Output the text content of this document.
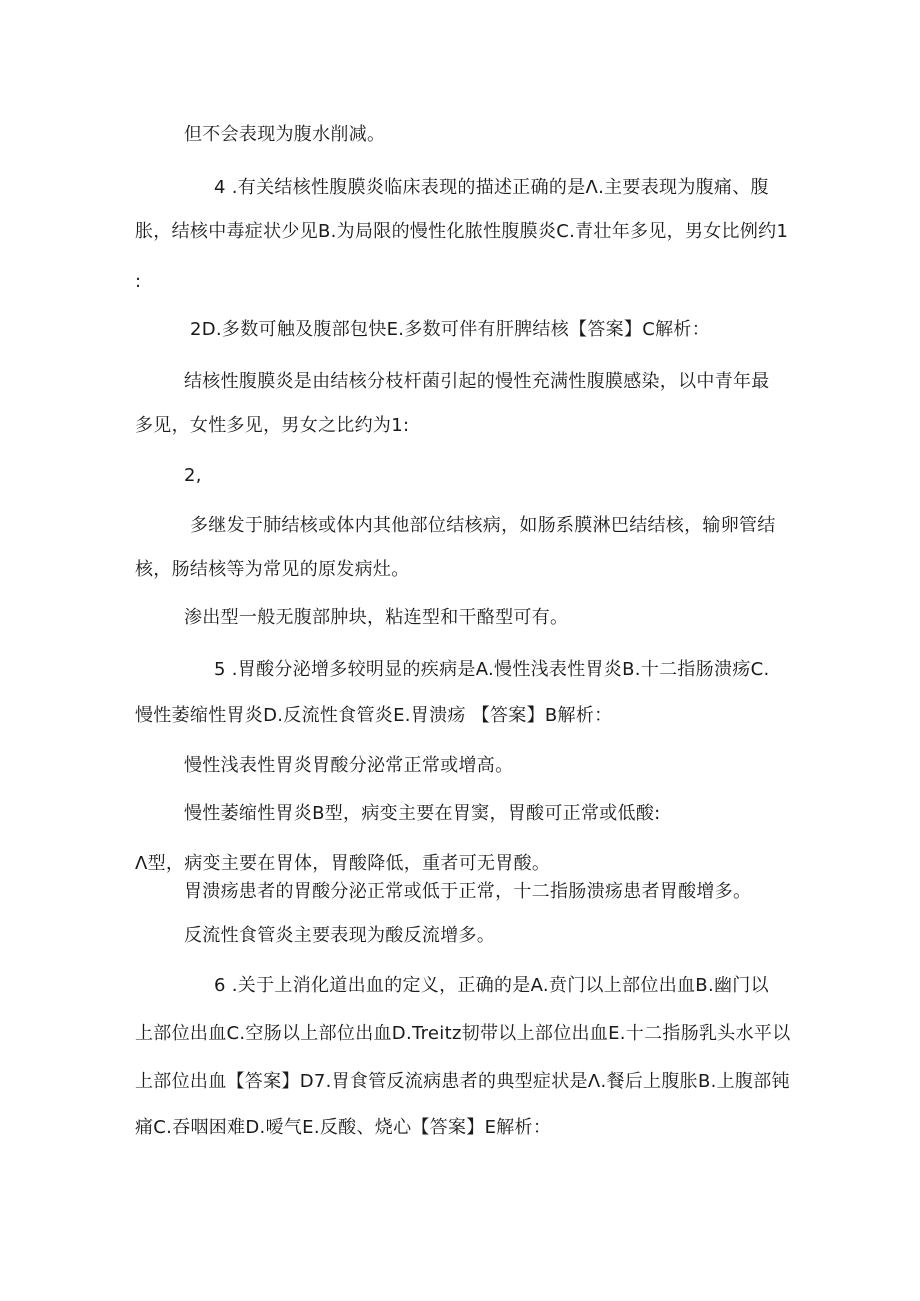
但不会表现为腹水削减。

4 .有关结核性腹膜炎临床表现的描述正确的是Λ.主要表现为腹痛、腹

胀，结核中毒症状少见B.为局限的慢性化脓性腹膜炎C.青壮年多见，男女比例约1

:

2D.多数可触及腹部包快E.多数可伴有肝脾结核【答案】C解析：

结核性腹膜炎是由结核分枝杆菌引起的慢性充满性腹膜感染，以中青年最

多见，女性多见，男女之比约为1:

2,

多继发于肺结核或体内其他部位结核病，如肠系膜淋巴结结核，输卵管结

核，肠结核等为常见的原发病灶。

渗出型一般无腹部肿块，粘连型和干酪型可有。

5 .胃酸分泌增多较明显的疾病是A.慢性浅表性胃炎B.十二指肠溃疡C.

慢性萎缩性胃炎D.反流性食管炎E.胃溃疡 【答案】B解析：

慢性浅表性胃炎胃酸分泌常正常或增高。

慢性萎缩性胃炎B型，病变主要在胃窦，胃酸可正常或低酸:

Λ型，病变主要在胃体，胃酸降低，重者可无胃酸。

胃溃疡患者的胃酸分泌正常或低于正常，十二指肠溃疡患者胃酸增多。

反流性食管炎主要表现为酸反流增多。

6 .关于上消化道出血的定义，正确的是A.贲门以上部位出血B.幽门以

上部位出血C.空肠以上部位出血D.Treitz韧带以上部位出血E.十二指肠乳头水平以

上部位出血【答案】D7.胃食管反流病患者的典型症状是Λ.餐后上腹胀B.上腹部钝

痛C.吞咽困难D.嗳气E.反酸、烧心【答案】E解析：
